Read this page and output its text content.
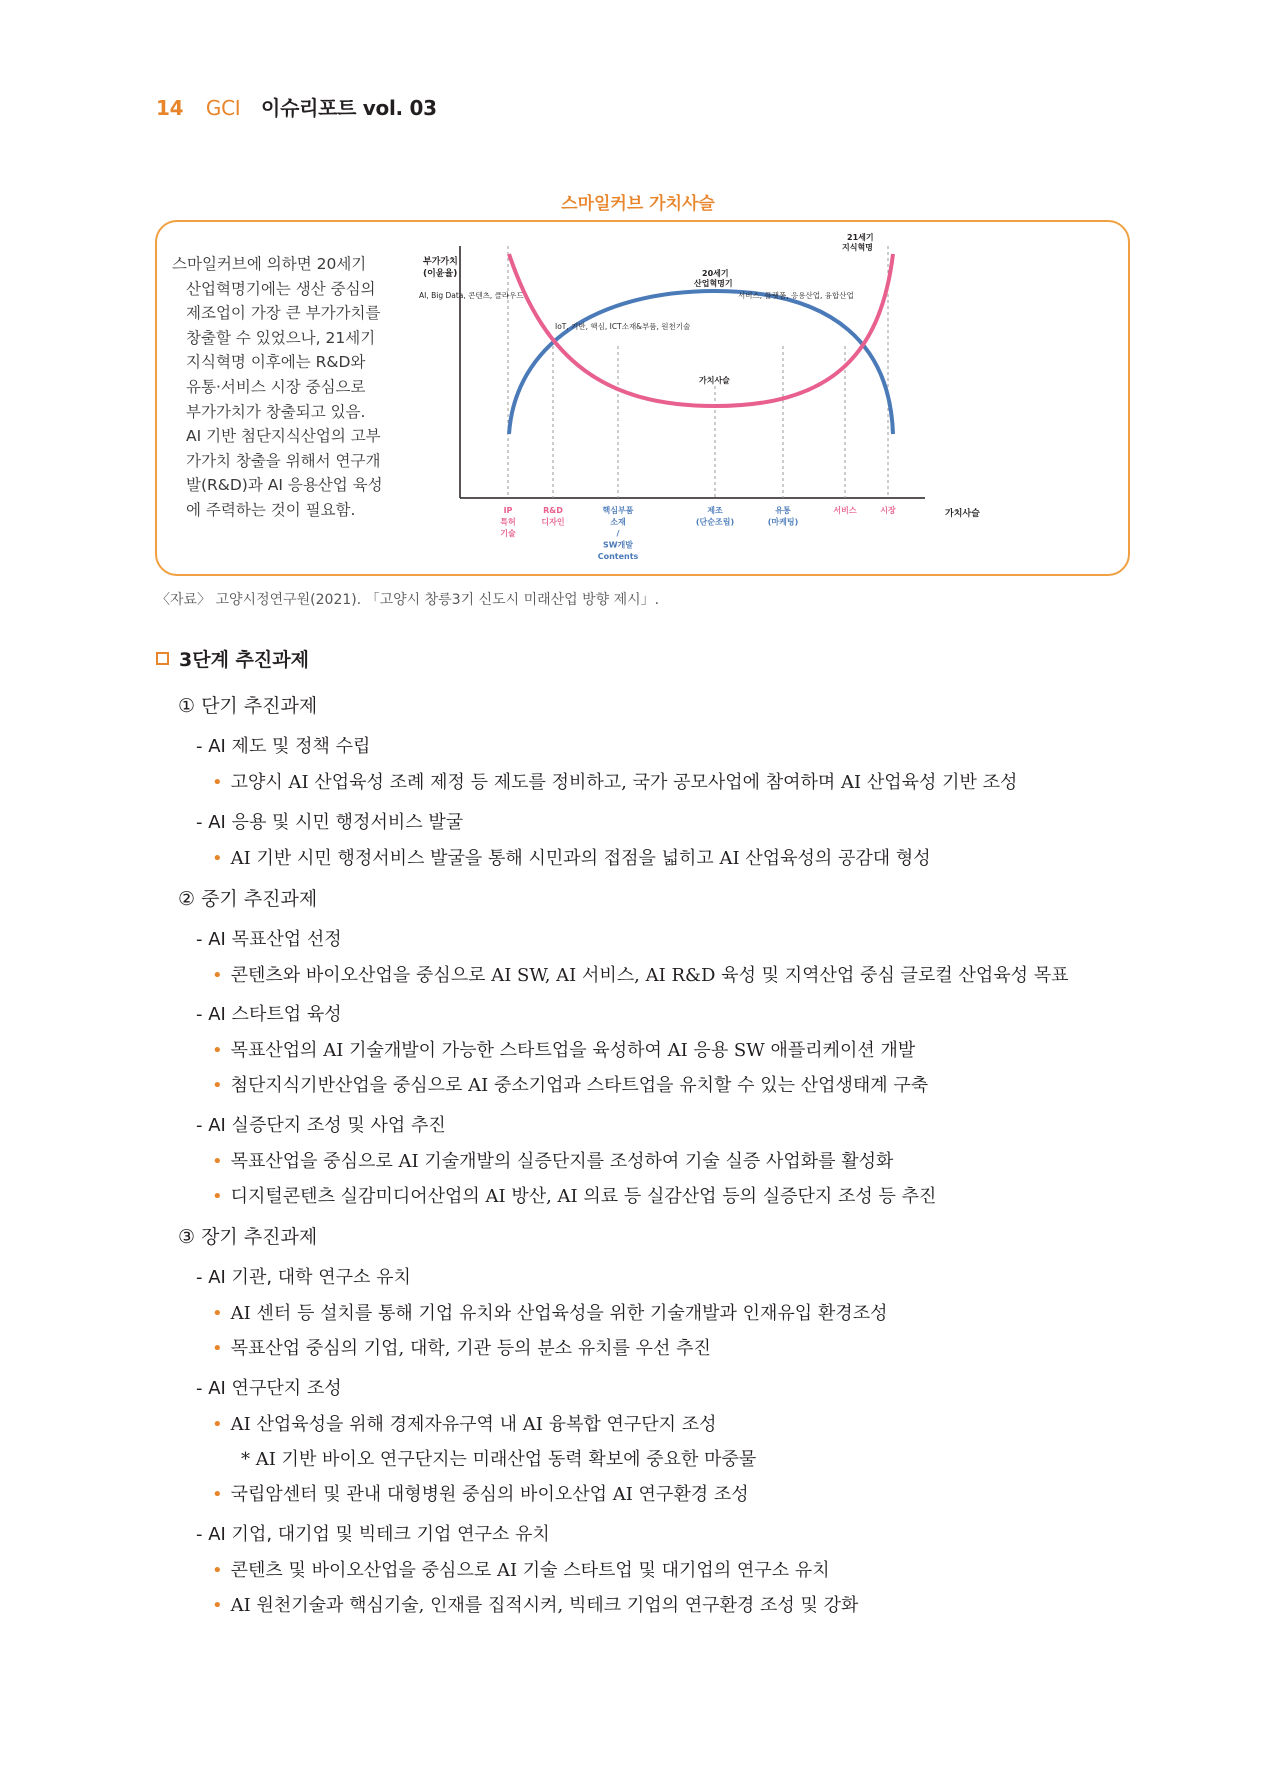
14 GCI 이슈리포트 vol. 03
스마일커브 가치사슬
스마일커브에 의하면 20세기
산업혁명기에는 생산 중심의
제조업이 가장 큰 부가가치를
창출할 수 있었으나, 21세기
지식혁명 이후에는 R&D와
유통·서비스 시장 중심으로
부가가치가 창출되고 있음.
AI 기반 첨단지식산업의 고부
가가치 창출을 위해서 연구개
발(R&D)과 AI 응용산업 육성
에 주력하는 것이 필요함.
부가가치
(이윤율)
가치사슬
21세기
지식혁명
20세기
산업혁명기
AI, Big Data, 콘텐츠, 클라우드	서비스, 플랫폼, 응용산업, 융합산업
IoT, 기반, 핵심, ICT소재&부품, 원천기술
가치사슬
IP
특허
기술
R&D
디자인
핵심부품
소재
/
SW개발
Contents
제조
(단순조립)
유통
(마케팅)
서비스	시장
〈자료〉 고양시정연구원(2021). 「고양시 창릉3기 신도시 미래산업 방향 제시」.
3단계 추진과제
① 단기 추진과제
- AI 제도 및 정책 수립
• 고양시 AI 산업육성 조례 제정 등 제도를 정비하고, 국가 공모사업에 참여하며 AI 산업육성 기반 조성
- AI 응용 및 시민 행정서비스 발굴
• AI 기반 시민 행정서비스 발굴을 통해 시민과의 접점을 넓히고 AI 산업육성의 공감대 형성
② 중기 추진과제
- AI 목표산업 선정
• 콘텐츠와 바이오산업을 중심으로 AI SW, AI 서비스, AI R&D 육성 및 지역산업 중심 글로컬 산업육성 목표
- AI 스타트업 육성
• 목표산업의 AI 기술개발이 가능한 스타트업을 육성하여 AI 응용 SW 애플리케이션 개발
• 첨단지식기반산업을 중심으로 AI 중소기업과 스타트업을 유치할 수 있는 산업생태계 구축
- AI 실증단지 조성 및 사업 추진
• 목표산업을 중심으로 AI 기술개발의 실증단지를 조성하여 기술 실증 사업화를 활성화
• 디지털콘텐츠 실감미디어산업의 AI 방산, AI 의료 등 실감산업 등의 실증단지 조성 등 추진
③ 장기 추진과제
- AI 기관, 대학 연구소 유치
• AI 센터 등 설치를 통해 기업 유치와 산업육성을 위한 기술개발과 인재유입 환경조성
• 목표산업 중심의 기업, 대학, 기관 등의 분소 유치를 우선 추진
- AI 연구단지 조성
• AI 산업육성을 위해 경제자유구역 내 AI 융복합 연구단지 조성
* AI 기반 바이오 연구단지는 미래산업 동력 확보에 중요한 마중물
• 국립암센터 및 관내 대형병원 중심의 바이오산업 AI 연구환경 조성
- AI 기업, 대기업 및 빅테크 기업 연구소 유치
• 콘텐츠 및 바이오산업을 중심으로 AI 기술 스타트업 및 대기업의 연구소 유치
• AI 원천기술과 핵심기술, 인재를 집적시켜, 빅테크 기업의 연구환경 조성 및 강화
